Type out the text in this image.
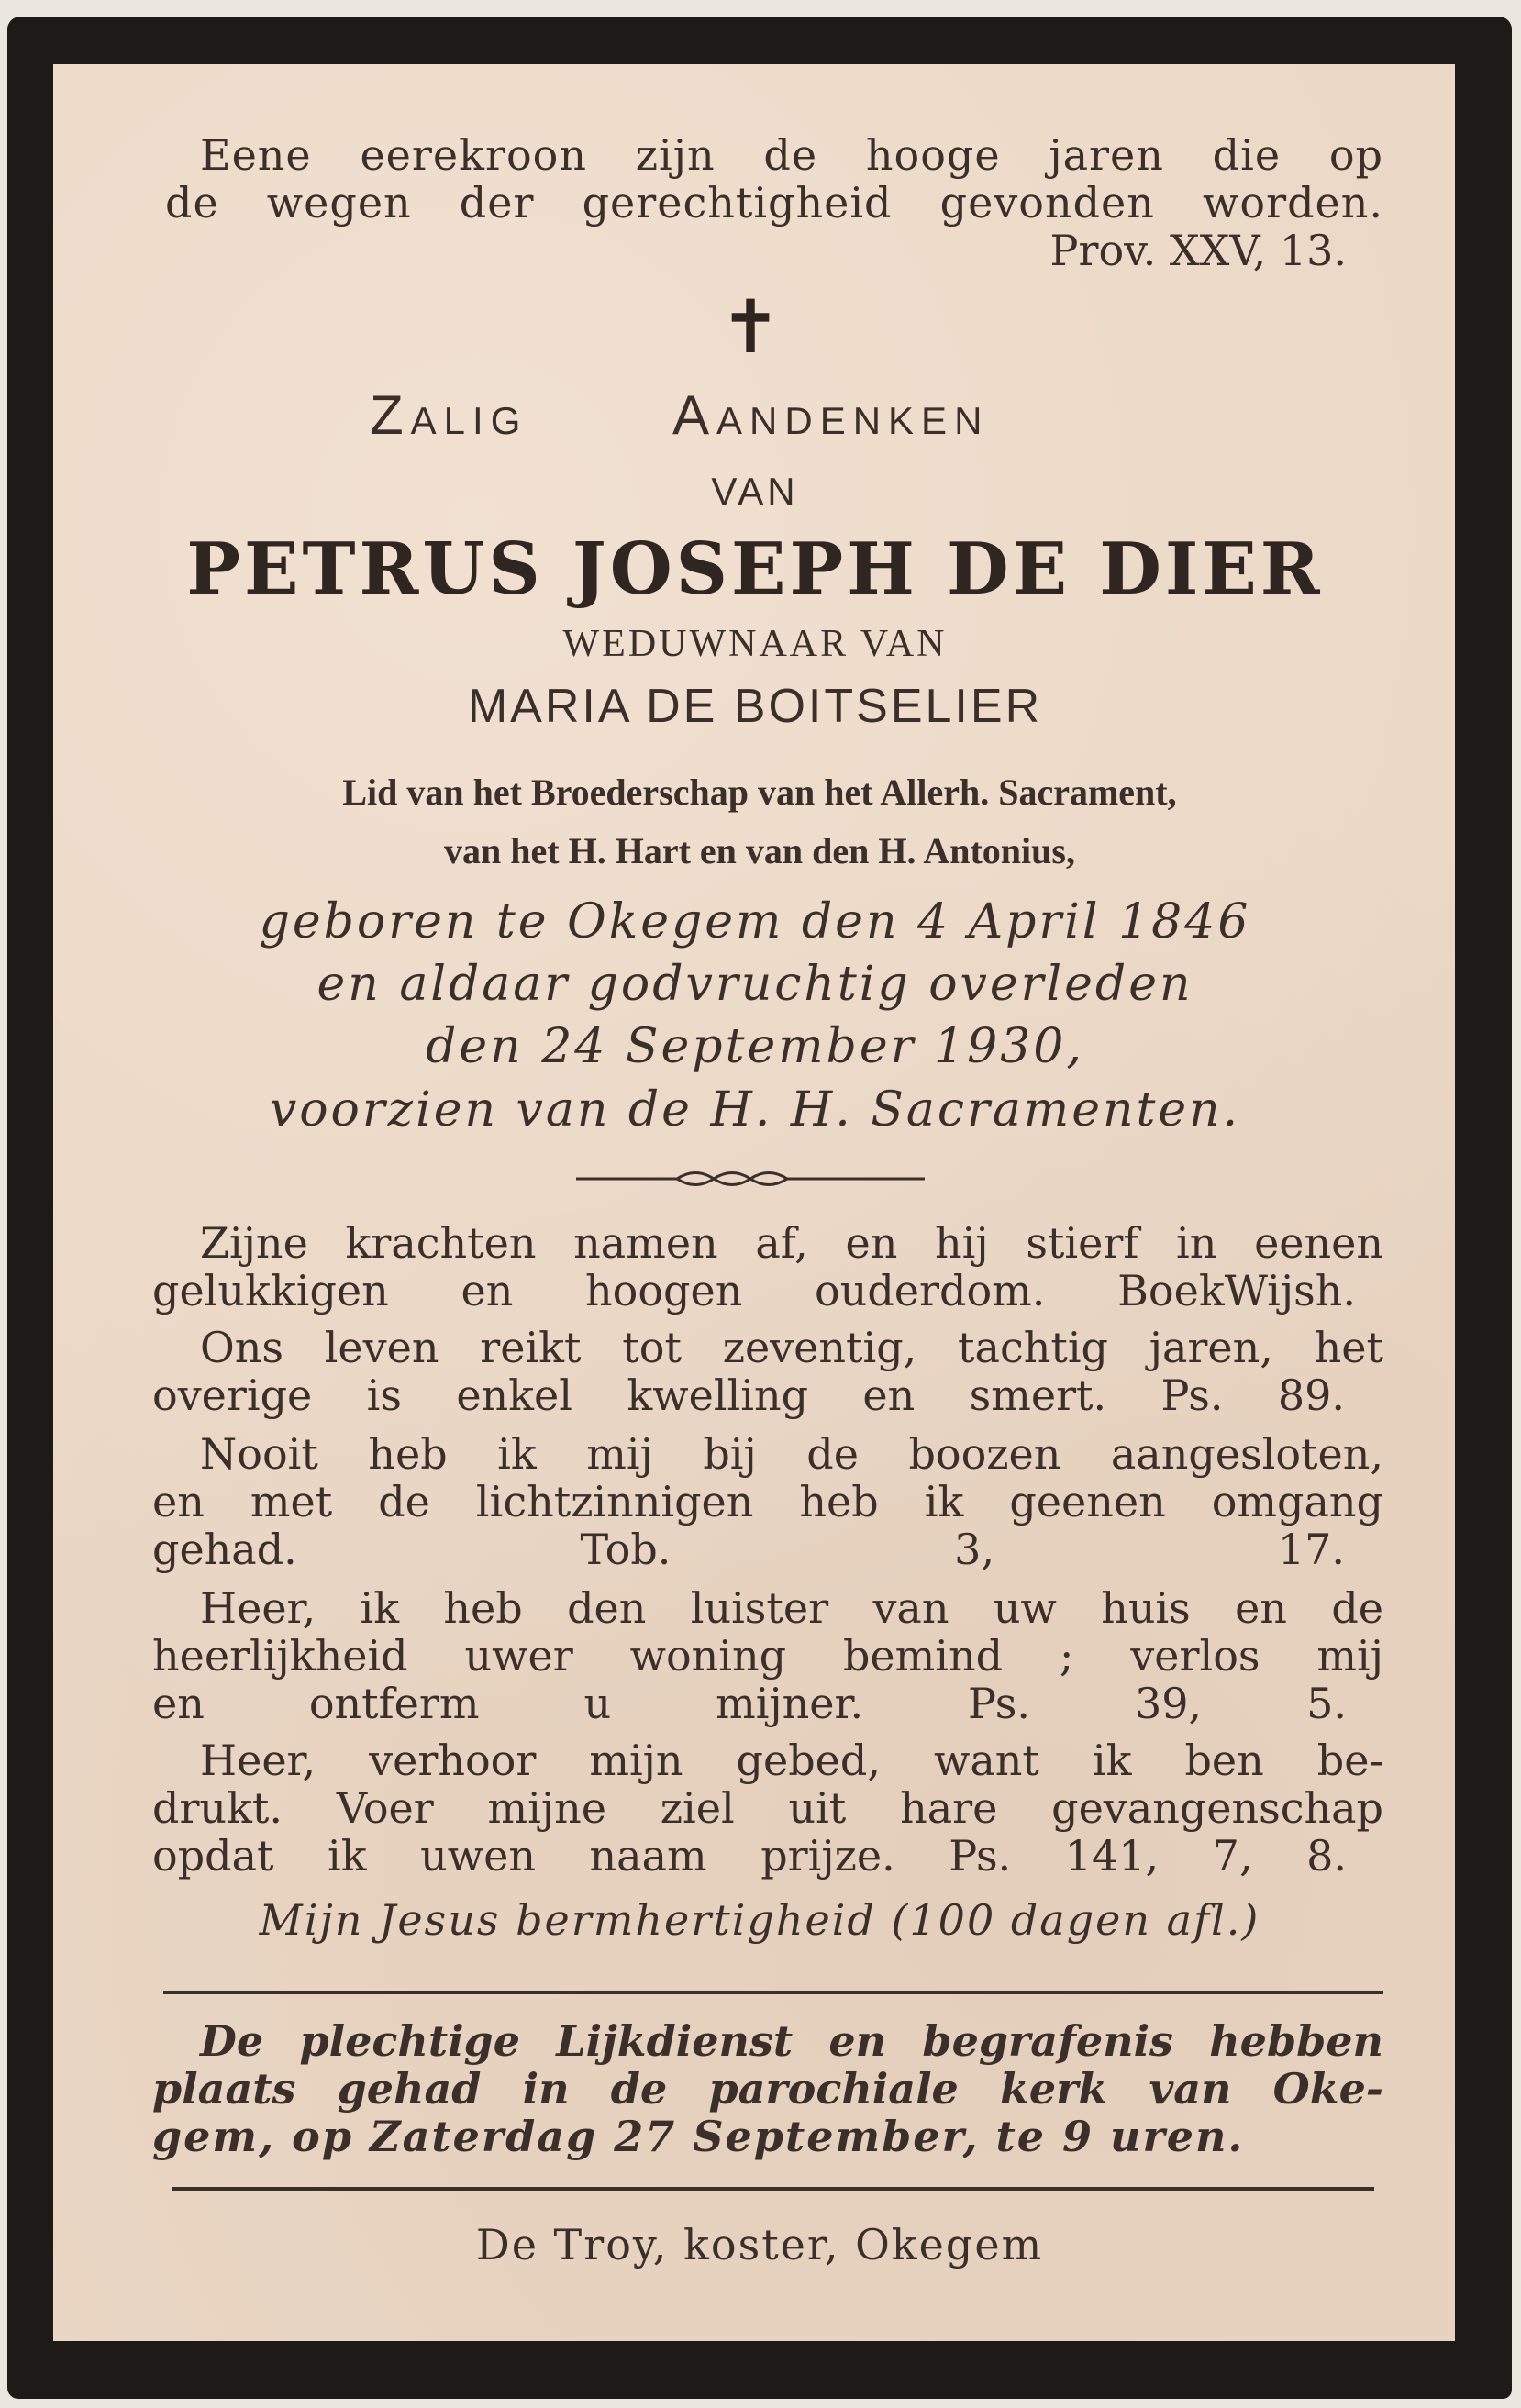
Eene eerekroon zijn de hooge jaren die op
de wegen der gerechtigheid gevonden worden.
Prov. XXV, 13.
✝
Zalig	Aandenken
VAN
PETRUS JOSEPH DE DIER
WEDUWNAAR VAN
MARIA DE BOITSELIER
Lid van het Broederschap van het Allerh. Sacrament,
van het H. Hart en van den H. Antonius,
geboren te Okegem den 4 April 1846
en aldaar godvruchtig overleden
den 24 September 1930,
voorzien van de H. H. Sacramenten.
Zijne krachten namen af, en hij stierf in eenen
gelukkigen en hoogen ouderdom. BoekWijsh.
Ons leven reikt tot zeventig, tachtig jaren, het
overige is enkel kwelling en smert. Ps. 89.
Nooit heb ik mij bij de boozen aangesloten,
en met de lichtzinnigen heb ik geenen omgang
gehad. Tob. 3, 17.
Heer, ik heb den luister van uw huis en de
heerlijkheid uwer woning bemind ; verlos mij
en ontferm u mijner. Ps. 39, 5.
Heer, verhoor mijn gebed, want ik ben be-
drukt. Voer mijne ziel uit hare gevangenschap
opdat ik uwen naam prijze. Ps. 141, 7, 8.
Mijn Jesus bermhertigheid (100 dagen afl.)
De plechtige Lijkdienst en begrafenis hebben
plaats gehad in de parochiale kerk van Oke-
gem, op Zaterdag 27 September, te 9 uren.
De Troy, koster, Okegem
